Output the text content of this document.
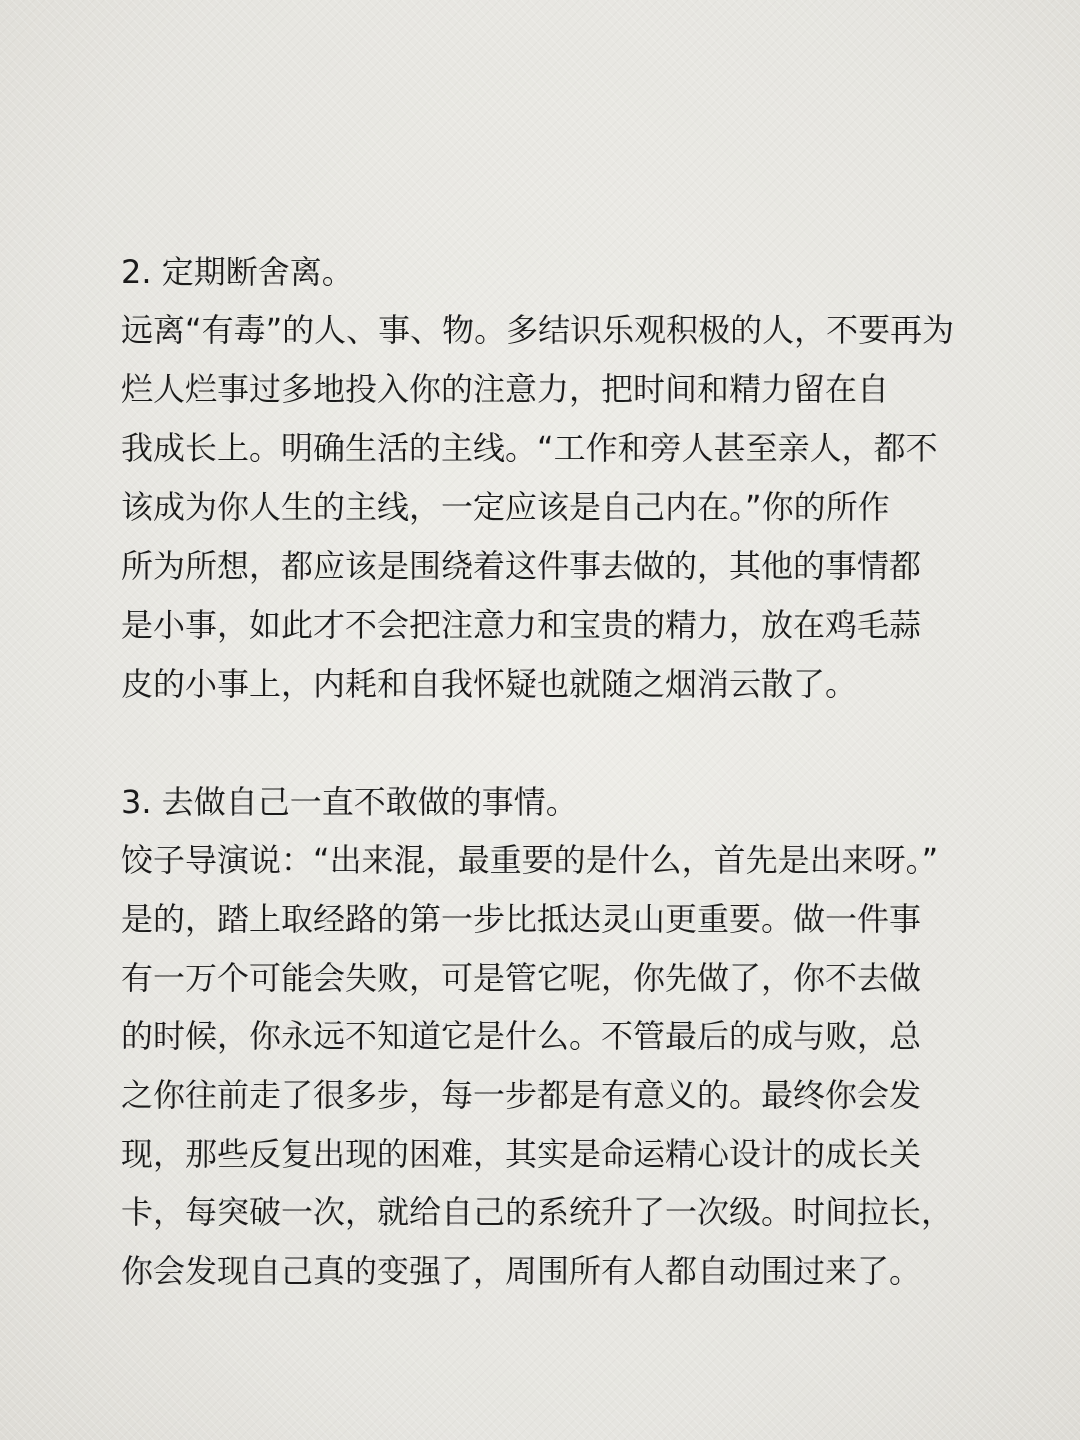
2. 定期断舍离。

远离“有毒”的人、事、物。多结识乐观积极的人，不要再为

烂人烂事过多地投入你的注意力，把时间和精力留在自

我成长上。明确生活的主线。“工作和旁人甚至亲人，都不

该成为你人生的主线，一定应该是自己内在。”你的所作

所为所想，都应该是围绕着这件事去做的，其他的事情都

是小事，如此才不会把注意力和宝贵的精力，放在鸡毛蒜

皮的小事上，内耗和自我怀疑也就随之烟消云散了。

3. 去做自己一直不敢做的事情。

饺子导演说：“出来混，最重要的是什么，首先是出来呀。”

是的，踏上取经路的第一步比抵达灵山更重要。做一件事

有一万个可能会失败，可是管它呢，你先做了，你不去做

的时候，你永远不知道它是什么。不管最后的成与败，总

之你往前走了很多步，每一步都是有意义的。最终你会发

现，那些反复出现的困难，其实是命运精心设计的成长关

卡，每突破一次，就给自己的系统升了一次级。时间拉长，

你会发现自己真的变强了，周围所有人都自动围过来了。
